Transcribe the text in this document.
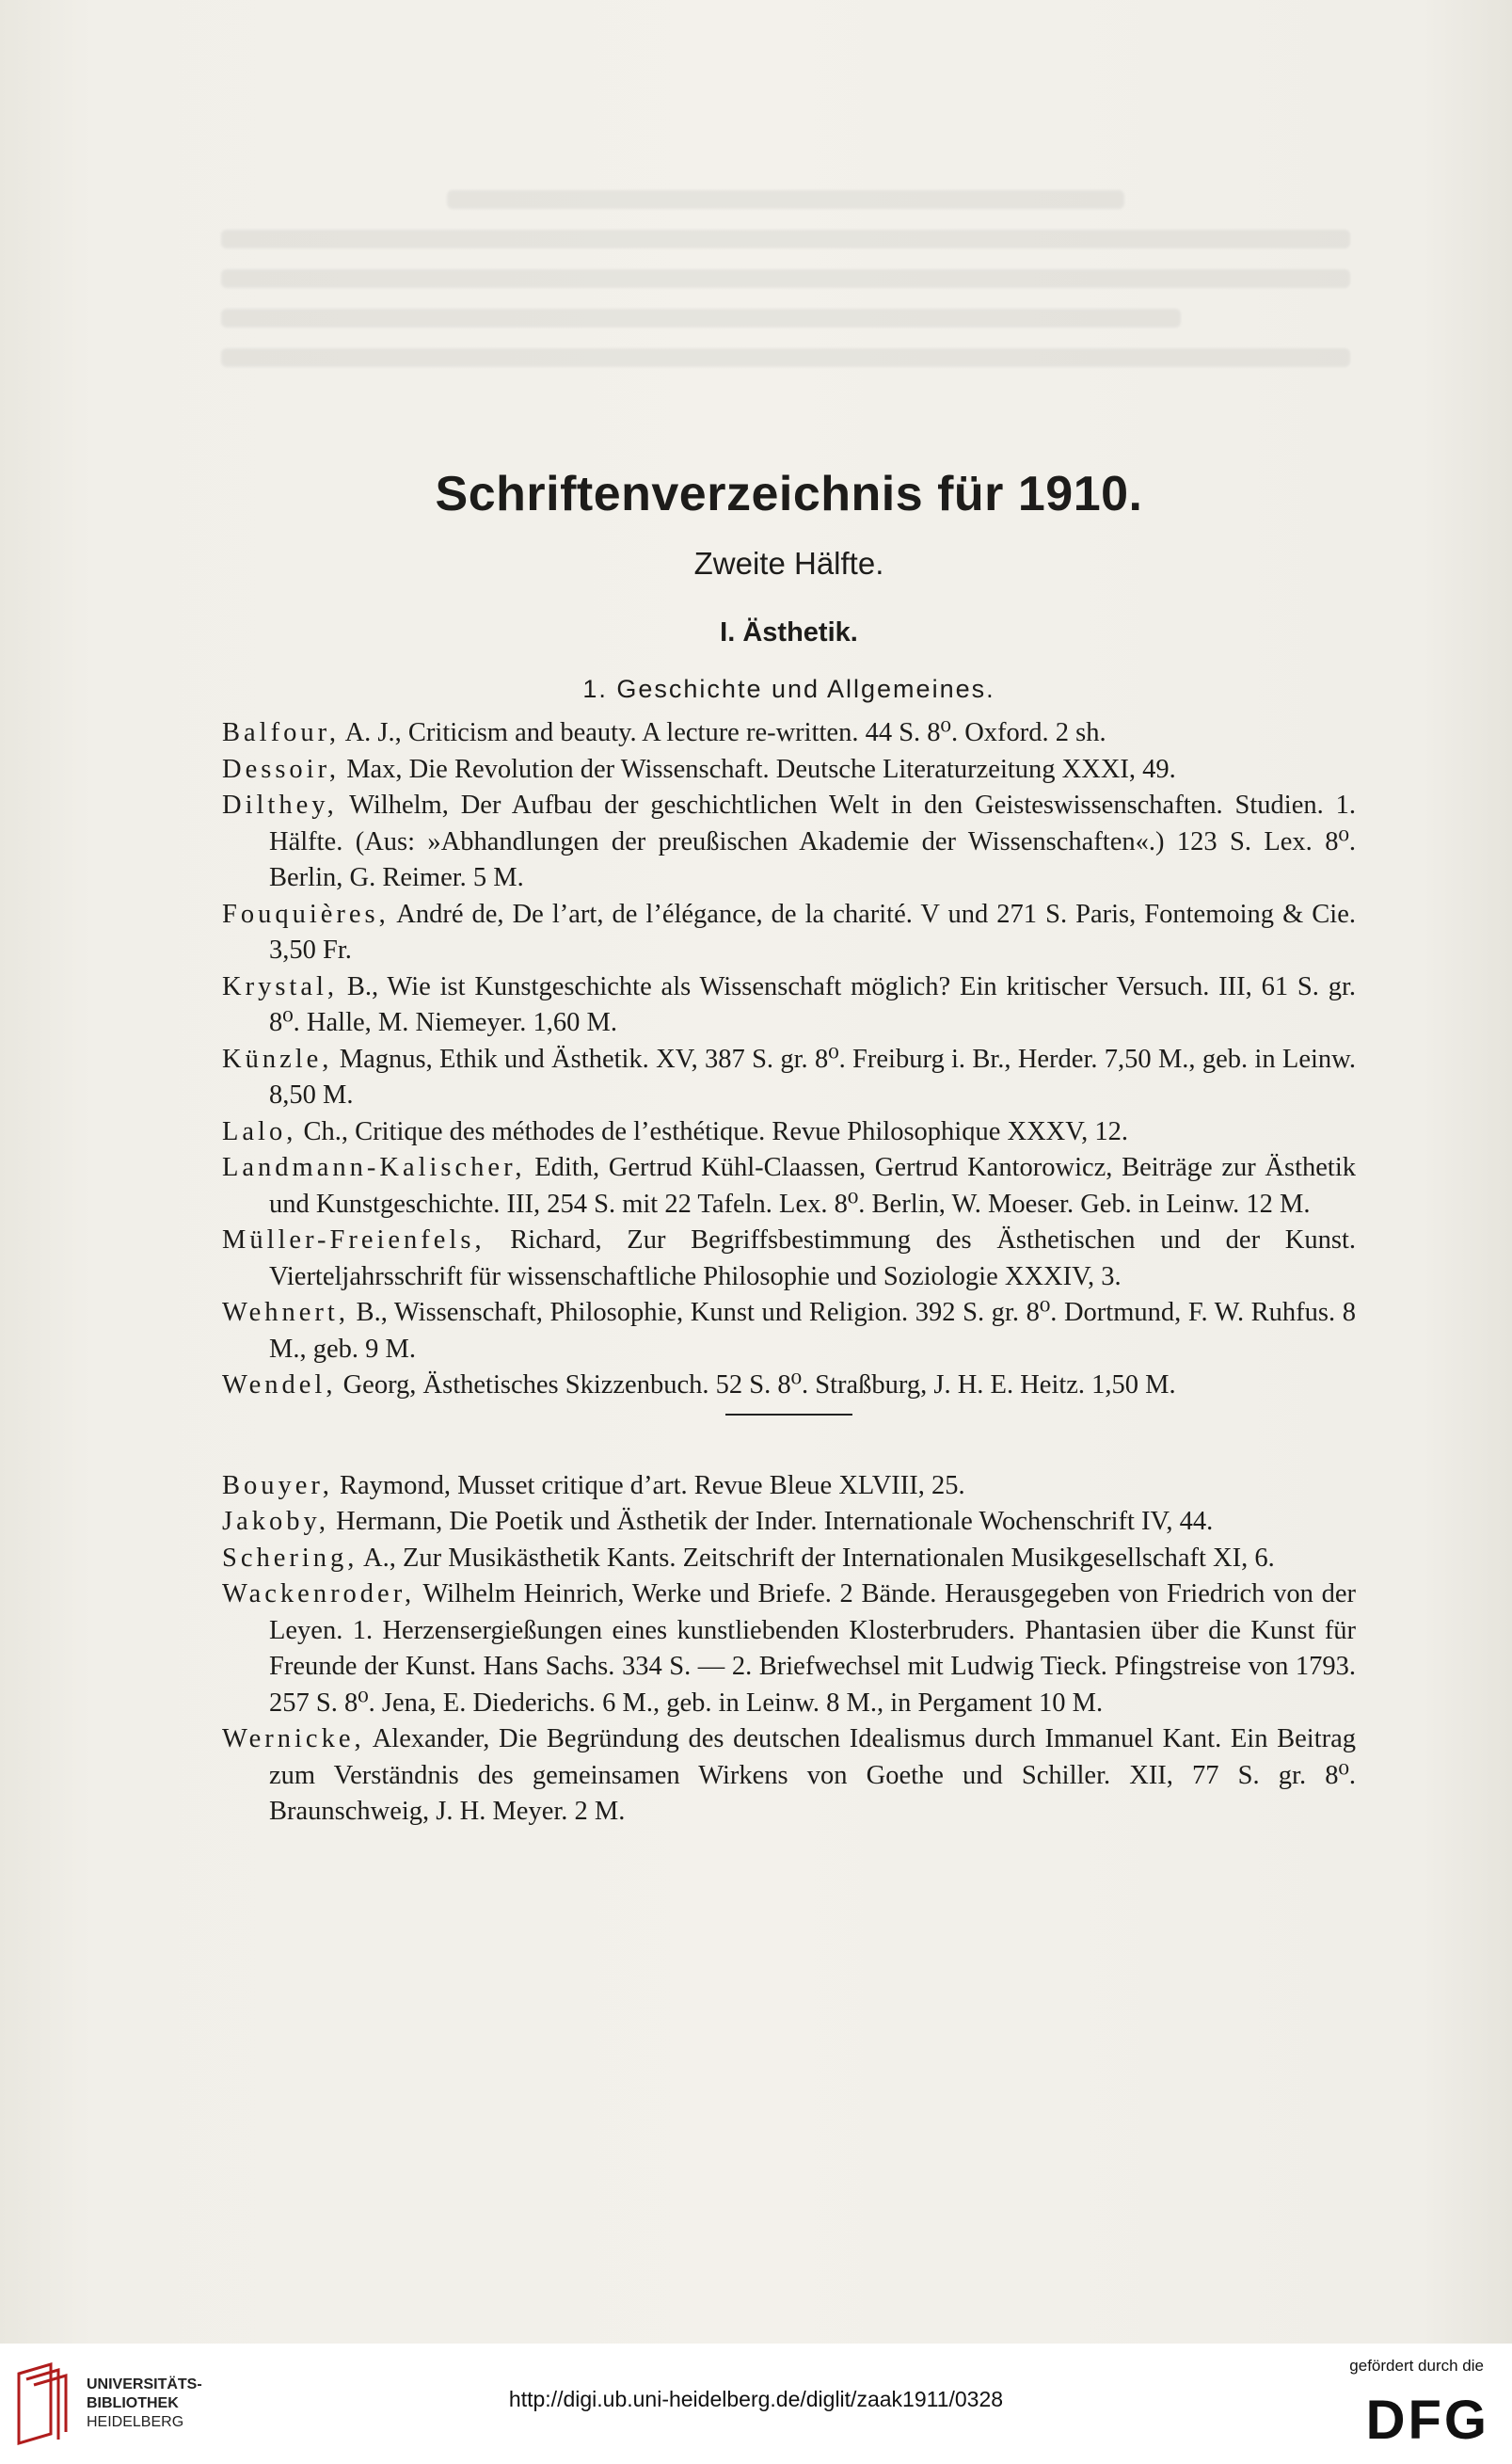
Schriftenverzeichnis für 1910.
Zweite Hälfte.
I. Ästhetik.
1. Geschichte und Allgemeines.
Balfour, A. J., Criticism and beauty. A lecture re-written. 44 S. 8⁰. Oxford. 2 sh.
Dessoir, Max, Die Revolution der Wissenschaft. Deutsche Literaturzeitung XXXI, 49.
Dilthey, Wilhelm, Der Aufbau der geschichtlichen Welt in den Geisteswissenschaften. Studien. 1. Hälfte. (Aus: »Abhandlungen der preußischen Akademie der Wissenschaften«.) 123 S. Lex. 8⁰. Berlin, G. Reimer. 5 M.
Fouquières, André de, De l’art, de l’élégance, de la charité. V und 271 S. Paris, Fontemoing & Cie. 3,50 Fr.
Krystal, B., Wie ist Kunstgeschichte als Wissenschaft möglich? Ein kritischer Versuch. III, 61 S. gr. 8⁰. Halle, M. Niemeyer. 1,60 M.
Künzle, Magnus, Ethik und Ästhetik. XV, 387 S. gr. 8⁰. Freiburg i. Br., Herder. 7,50 M., geb. in Leinw. 8,50 M.
Lalo, Ch., Critique des méthodes de l’esthétique. Revue Philosophique XXXV, 12.
Landmann-Kalischer, Edith, Gertrud Kühl-Claassen, Gertrud Kantorowicz, Beiträge zur Ästhetik und Kunstgeschichte. III, 254 S. mit 22 Tafeln. Lex. 8⁰. Berlin, W. Moeser. Geb. in Leinw. 12 M.
Müller-Freienfels, Richard, Zur Begriffsbestimmung des Ästhetischen und der Kunst. Vierteljahrsschrift für wissenschaftliche Philosophie und Soziologie XXXIV, 3.
Wehnert, B., Wissenschaft, Philosophie, Kunst und Religion. 392 S. gr. 8⁰. Dortmund, F. W. Ruhfus. 8 M., geb. 9 M.
Wendel, Georg, Ästhetisches Skizzenbuch. 52 S. 8⁰. Straßburg, J. H. E. Heitz. 1,50 M.
Bouyer, Raymond, Musset critique d’art. Revue Bleue XLVIII, 25.
Jakoby, Hermann, Die Poetik und Ästhetik der Inder. Internationale Wochenschrift IV, 44.
Schering, A., Zur Musikästhetik Kants. Zeitschrift der Internationalen Musikgesellschaft XI, 6.
Wackenroder, Wilhelm Heinrich, Werke und Briefe. 2 Bände. Herausgegeben von Friedrich von der Leyen. 1. Herzensergießungen eines kunstliebenden Klosterbruders. Phantasien über die Kunst für Freunde der Kunst. Hans Sachs. 334 S. — 2. Briefwechsel mit Ludwig Tieck. Pfingstreise von 1793. 257 S. 8⁰. Jena, E. Diederichs. 6 M., geb. in Leinw. 8 M., in Pergament 10 M.
Wernicke, Alexander, Die Begründung des deutschen Idealismus durch Immanuel Kant. Ein Beitrag zum Verständnis des gemeinsamen Wirkens von Goethe und Schiller. XII, 77 S. gr. 8⁰. Braunschweig, J. H. Meyer. 2 M.
UNIVERSITÄTS-
BIBLIOTHEK
HEIDELBERG
http://digi.ub.uni-heidelberg.de/diglit/zaak1911/0328
gefördert durch die
DFG
